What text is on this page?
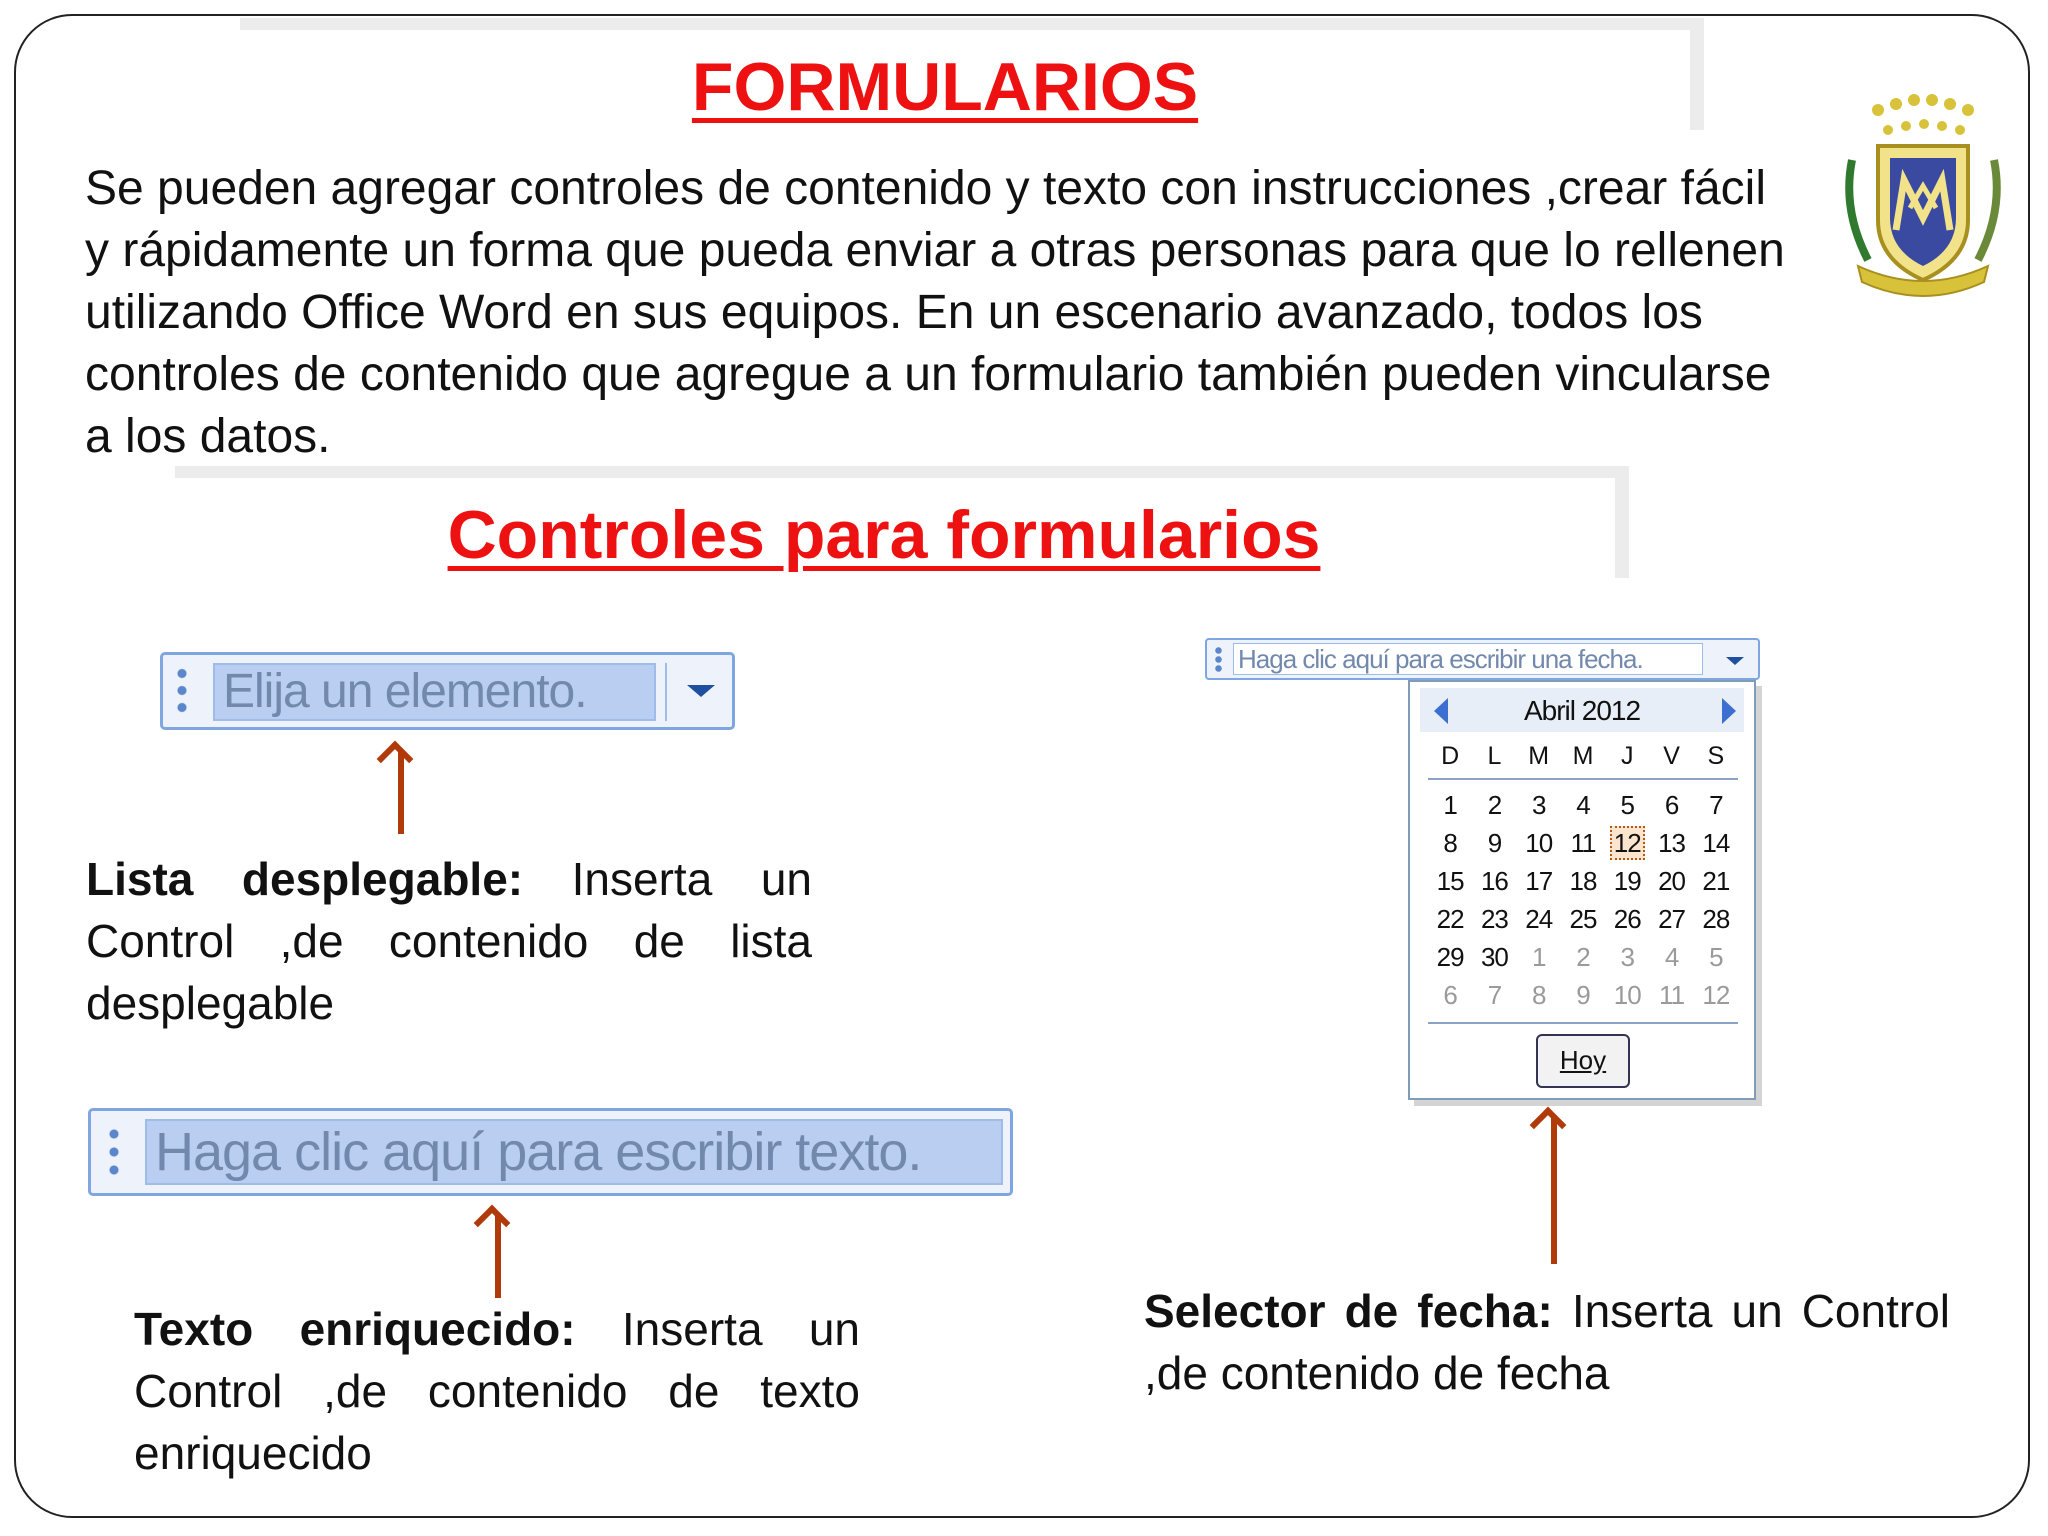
FORMULARIOS
Se pueden agregar controles de contenido y texto con instrucciones ,crear fácil y rápidamente un forma que pueda enviar a otras personas para que lo rellenen utilizando Office Word en sus equipos. En un escenario avanzado, todos los controles de contenido que agregue a un formulario también pueden vincularse a los datos.
Controles para formularios
Elija un elemento.
Lista desplegable: Inserta un Control ,de contenido de lista desplegable
Haga clic aquí para escribir texto.
Texto enriquecido: Inserta un Control ,de contenido de texto enriquecido
Haga clic aquí para escribir una fecha.
Abril 2012
D	L	M M	J	V	S
1	2	3	4	5	6	7
8	9 10 11 12 13 14
15 16 17 18 19 20 21
22 23 24 25 26 27 28
29 30 1	2	3	4	5
6	7	8	9 10 11 12
Hoy
Selector de fecha: Inserta un Control ,de contenido de fecha
